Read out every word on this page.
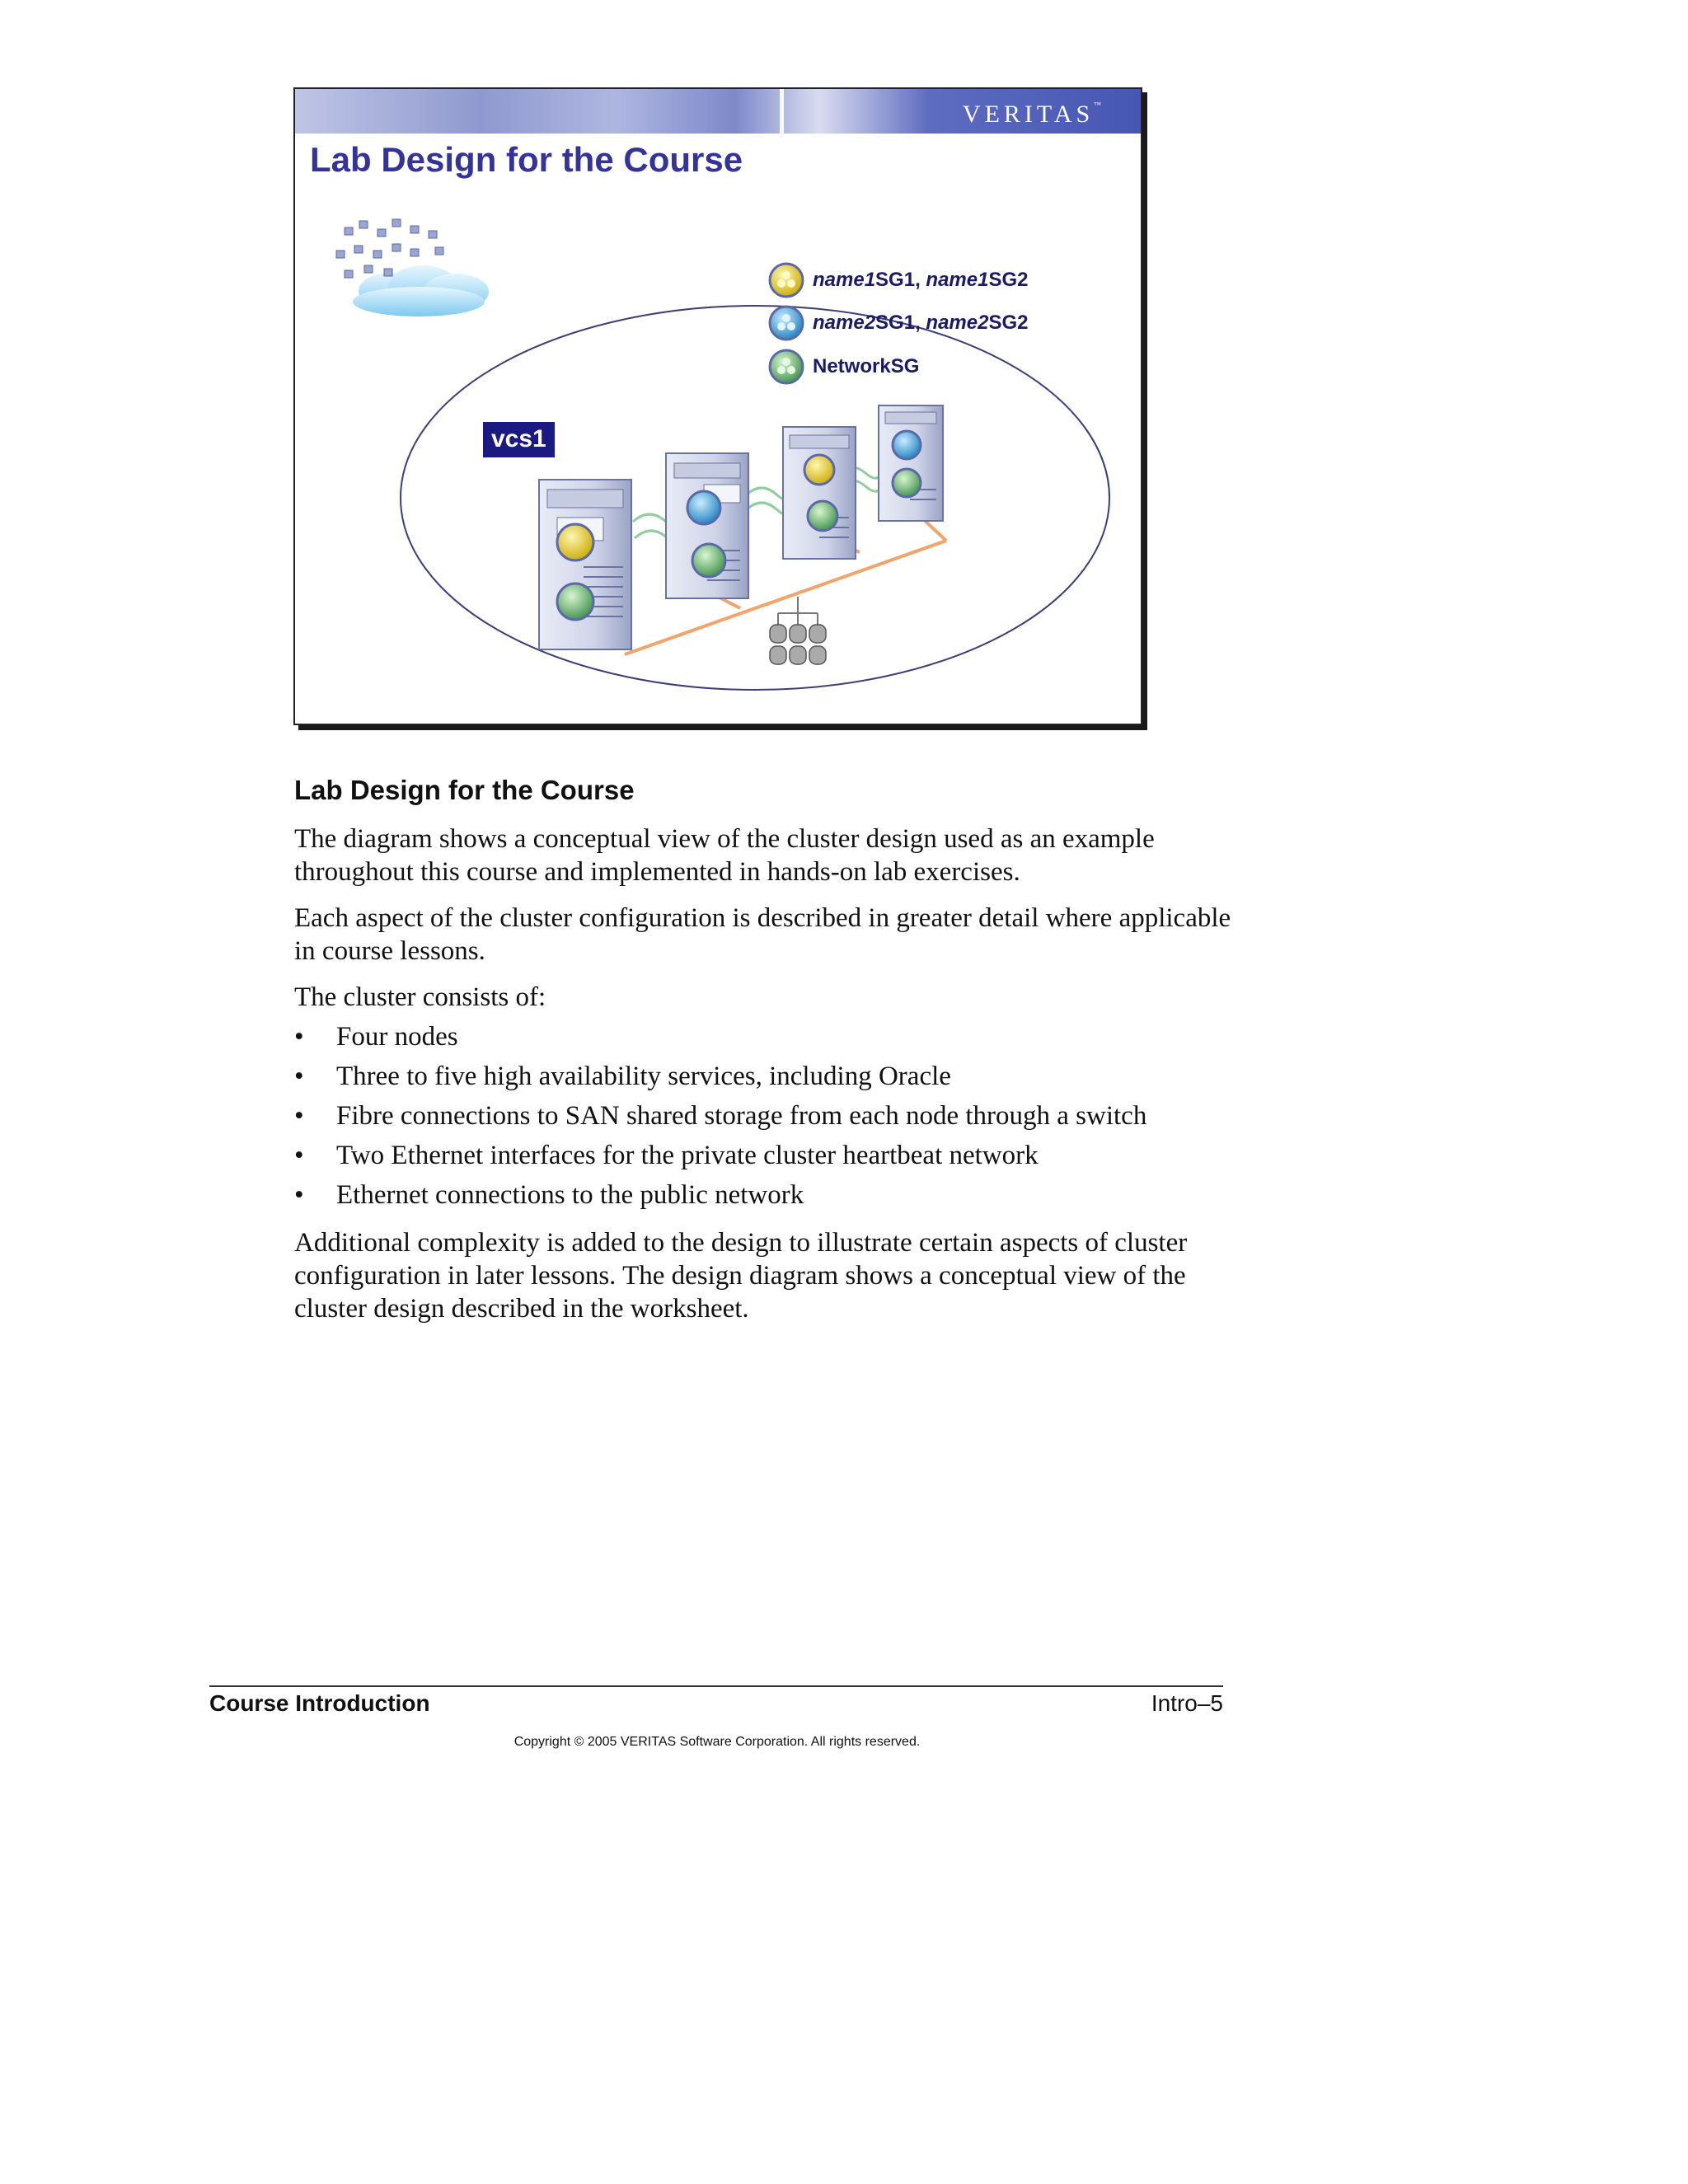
VERITAS™
Lab Design for the Course
name1SG1, name1SG2
name2SG1, name2SG2
NetworkSG
vcs1
Lab Design for the Course

The diagram shows a conceptual view of the cluster design used as an example throughout this course and implemented in hands-on lab exercises.

Each aspect of the cluster configuration is described in greater detail where applicable in course lessons.

The cluster consists of:

• Four nodes
• Three to five high availability services, including Oracle
• Fibre connections to SAN shared storage from each node through a switch
• Two Ethernet interfaces for the private cluster heartbeat network
• Ethernet connections to the public network

Additional complexity is added to the design to illustrate certain aspects of cluster configuration in later lessons. The design diagram shows a conceptual view of the cluster design described in the worksheet.

Course Introduction	Intro–5
Copyright © 2005 VERITAS Software Corporation. All rights reserved.
